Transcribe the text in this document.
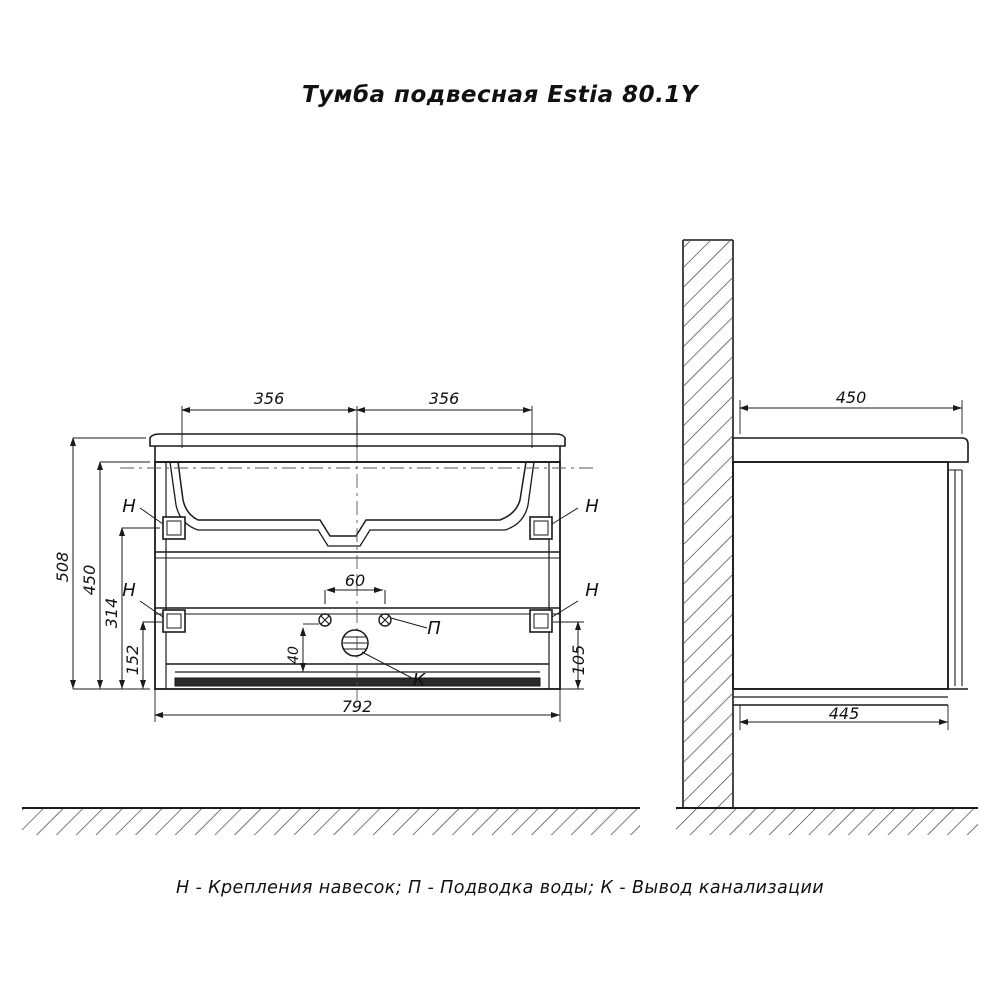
Тумба подвесная Estia 80.1Y
356	356
792
508 450
314
152	105
60
40
Н	Н
Н	Н
П
К
450
445
Н - Крепления навесок; П - Подводка воды; К - Вывод канализации
